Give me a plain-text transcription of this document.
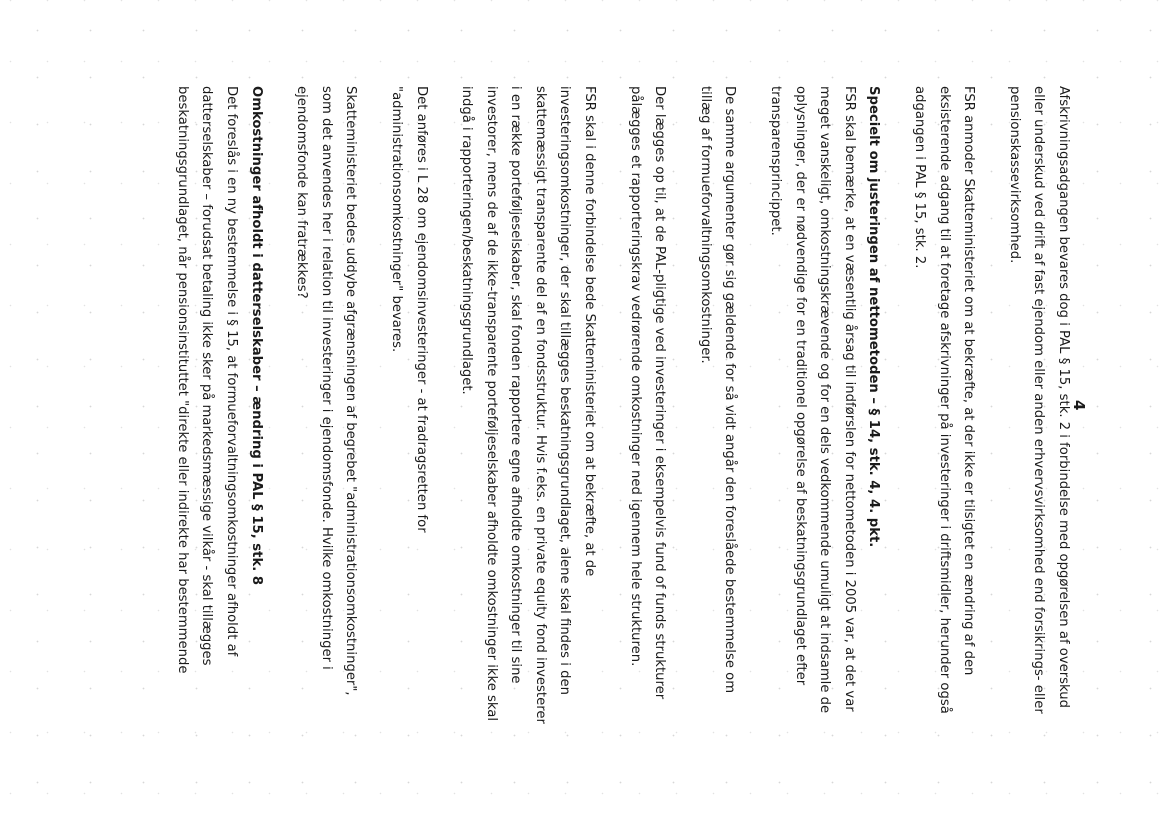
4

Afskrivningsadgangen bevares dog i PAL § 15, stk. 2 i forbindelse med opgørelsen af overskud eller underskud ved drift af fast ejendom eller anden erhvervsvirksomhed end forsikrings- eller pensionskassevirksomhed.

FSR anmoder Skatteministeriet om at bekræfte, at der ikke er tilsigtet en ændring af den eksisterende adgang til at foretage afskrivninger på investeringer i driftsmidler, herunder også adgangen i PAL § 15, stk. 2.

Specielt om justeringen af nettometoden – § 14, stk. 4, 4. pkt.

FSR skal bemærke, at en væsentlig årsag til indførslen for nettometoden i 2005 var, at det var meget vanskeligt, omkostningskrævende og for en dels vedkommende umuligt at indsamle de oplysninger, der er nødvendige for en traditionel opgørelse af beskatningsgrundlaget efter transparensprincippet.

De samme argumenter gør sig gældende for så vidt angår den foreslåede bestemmelse om tillæg af formueforvaltningsomkostninger.

Der lægges op til, at de PAL-pligtige ved investeringer i eksempelvis fund of funds strukturer pålægges et rapporteringskrav vedrørende omkostninger ned igennem hele strukturen.

FSR skal i denne forbindelse bede Skatteministeriet om at bekræfte, at de investeringsomkostninger, der skal tillægges beskatningsgrundlaget, alene skal findes i den skattemæssigt transparente del af en fondsstruktur. Hvis f.eks. en private equity fond investerer i en række porteføljeselskaber, skal fonden rapportere egne afholdte omkostninger til sine investorer, mens de af de ikke-transparente porteføljeselskaber afholdte omkostninger ikke skal indgå i rapporteringen/beskatningsgrundlaget.

Det anføres i L 28 om ejendomsinvesteringer - at fradragsretten for "administrationsomkostninger" bevares.

Skatteministeriet bedes uddybe afgrænsningen af begrebet "administrationsomkostninger", som det anvendes her i relation til investeringer i ejendomsfonde. Hvilke omkostninger i ejendomsfonde kan fratrækkes?

Omkostninger afholdt i datterselskaber – ændring i PAL § 15, stk. 8

Det foreslås i en ny bestemmelse i § 15, at formueforvaltningsomkostninger afholdt af datterselskaber – forudsat betaling ikke sker på markedsmæssige vilkår - skal tillægges beskatningsgrundlaget, når pensionsinstituttet "direkte eller indirekte har bestemmende
